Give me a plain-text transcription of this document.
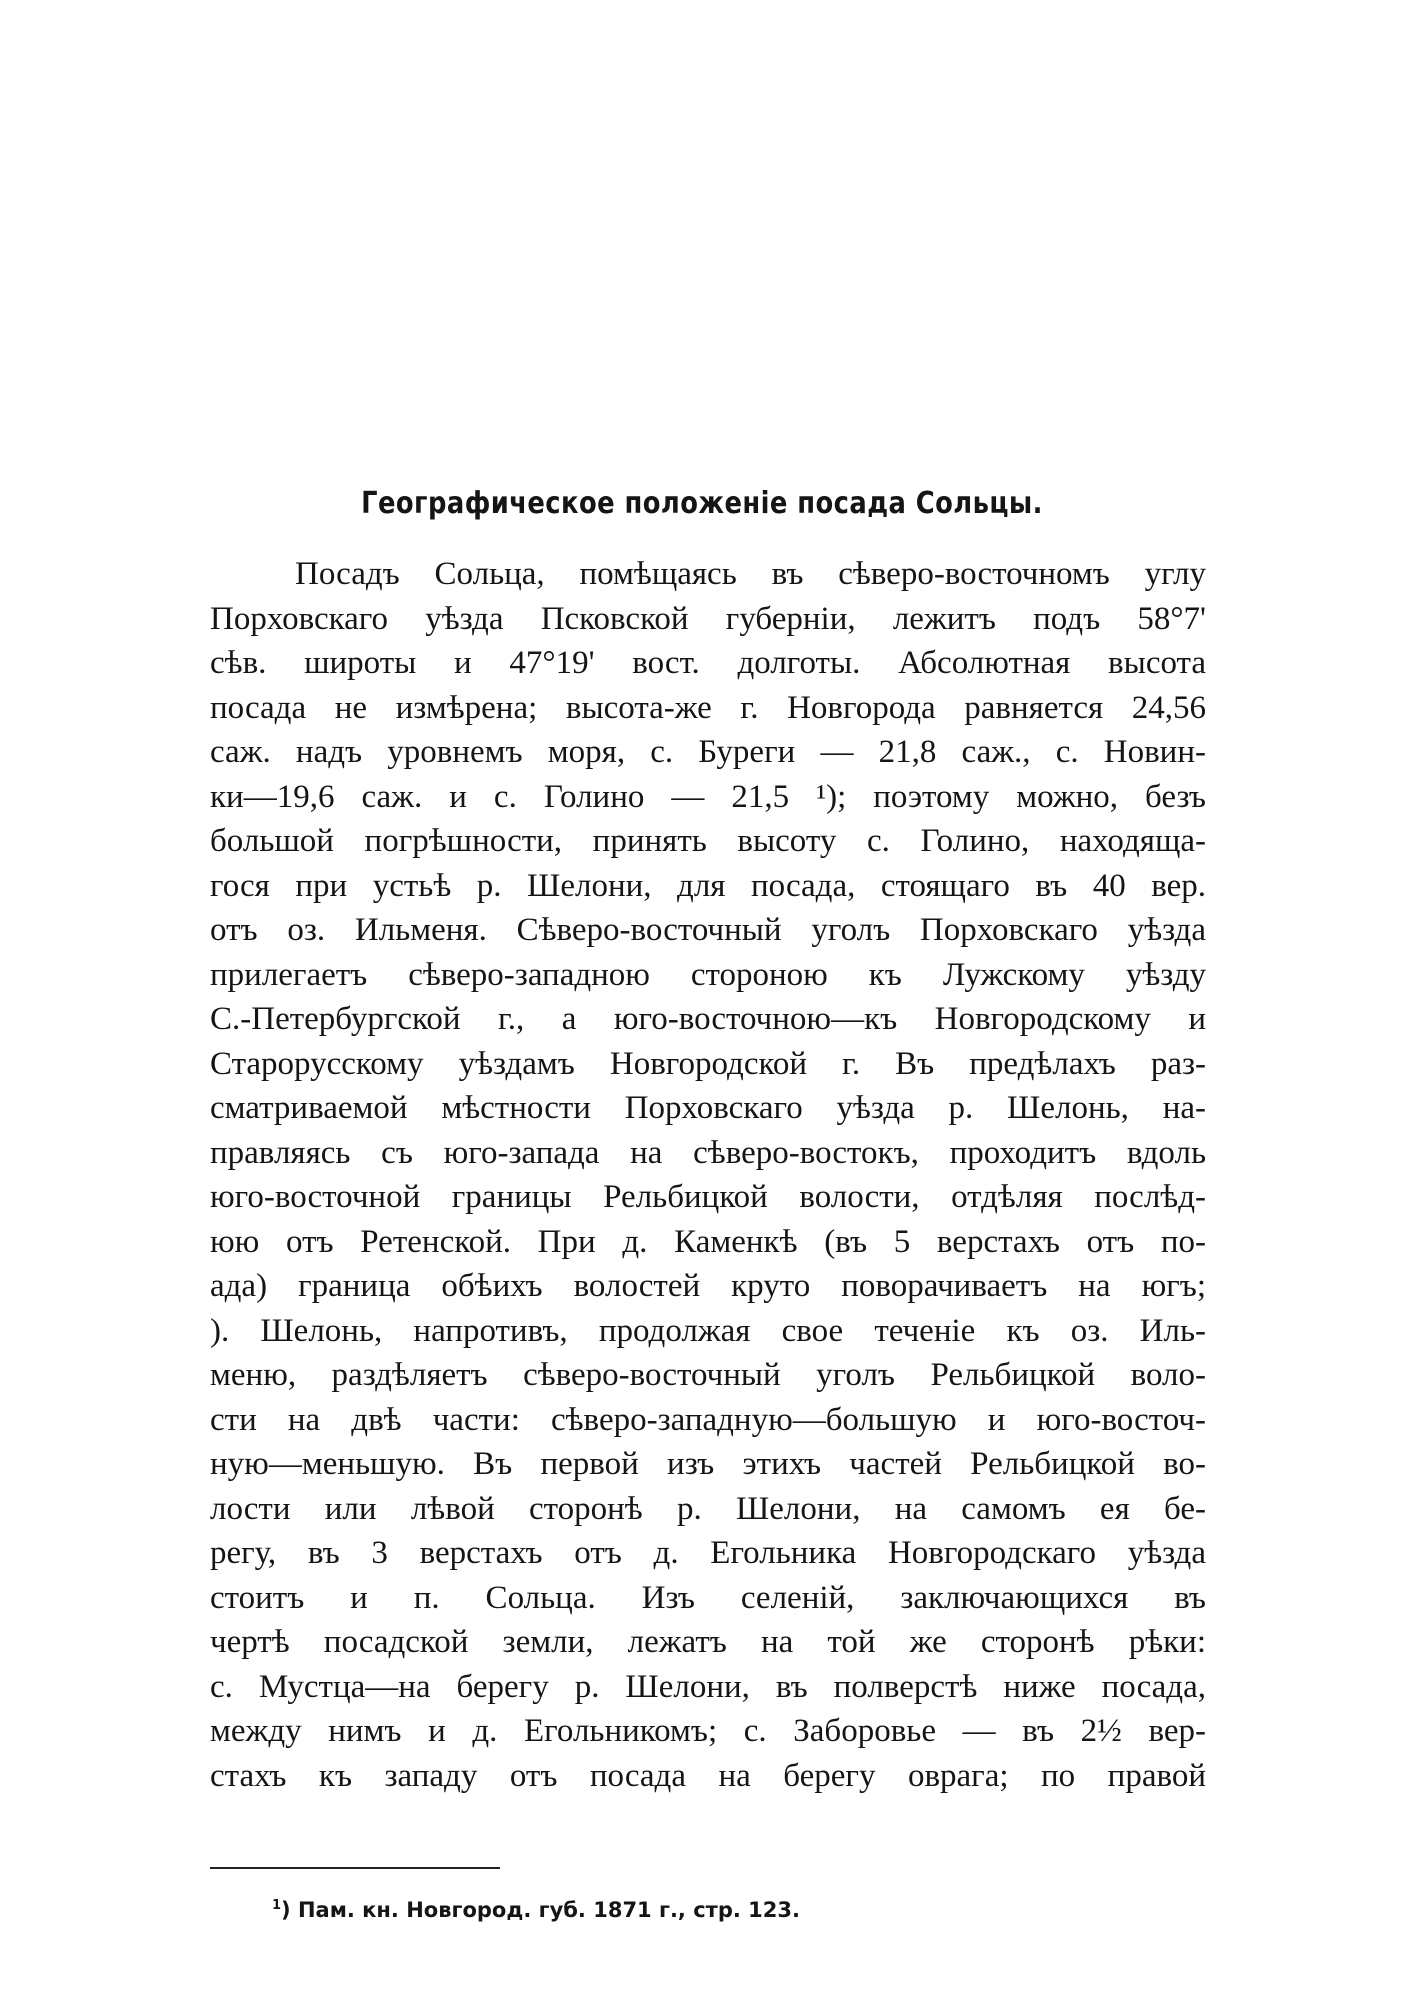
Географическое положенiе посада Сольцы.
Посадъ Сольца, помѣщаясь въ сѣверо-восточномъ углу
Порховскаго уѣзда Псковской губернiи, лежитъ подъ 58°7'
сѣв. широты и 47°19' вост. долготы. Абсолютная высота
посада не измѣрена; высота-же г. Новгорода равняется 24,56
саж. надъ уровнемъ моря, с. Буреги — 21,8 саж., с. Новин-
ки—19,6 саж. и с. Голино — 21,5 ¹); поэтому можно, безъ
большой погрѣшности, принять высоту с. Голино, находяща-
гося при устьѣ р. Шелони, для посада, стоящаго въ 40 вер.
отъ оз. Ильменя. Сѣверо-восточный уголъ Порховскаго уѣзда
прилегаетъ сѣверо-западною стороною къ Лужскому уѣзду
С.-Петербургской г., а юго-восточною—къ Новгородскому и
Старорусскому уѣздамъ Новгородской г. Въ предѣлахъ раз-
сматриваемой мѣстности Порховскаго уѣзда р. Шелонь, на-
правляясь съ юго-запада на сѣверо-востокъ, проходитъ вдоль
юго-восточной границы Рельбицкой волости, отдѣляя послѣд-
юю отъ Ретенской. При д. Каменкѣ (въ 5 верстахъ отъ по-
ада) граница обѣихъ волостей круто поворачиваетъ на югъ;
). Шелонь, напротивъ, продолжая свое теченiе къ оз. Иль-
меню, раздѣляетъ сѣверо-восточный уголъ Рельбицкой воло-
сти на двѣ части: сѣверо-западную—большую и юго-восточ-
ную—меньшую. Въ первой изъ этихъ частей Рельбицкой во-
лости или лѣвой сторонѣ р. Шелони, на самомъ ея бе-
регу, въ 3 верстахъ отъ д. Егольника Новгородскаго уѣзда
стоитъ и п. Сольца. Изъ селенiй, заключающихся въ
чертѣ посадской земли, лежатъ на той же сторонѣ рѣки:
с. Мустца—на берегу р. Шелони, въ полверстѣ ниже посада,
между нимъ и д. Егольникомъ; с. Заборовье — въ 2½ вер-
стахъ къ западу отъ посада на берегу оврага; по правой
$^1$) Пам. кн. Новгород. губ. 1871 г., стр. 123.
